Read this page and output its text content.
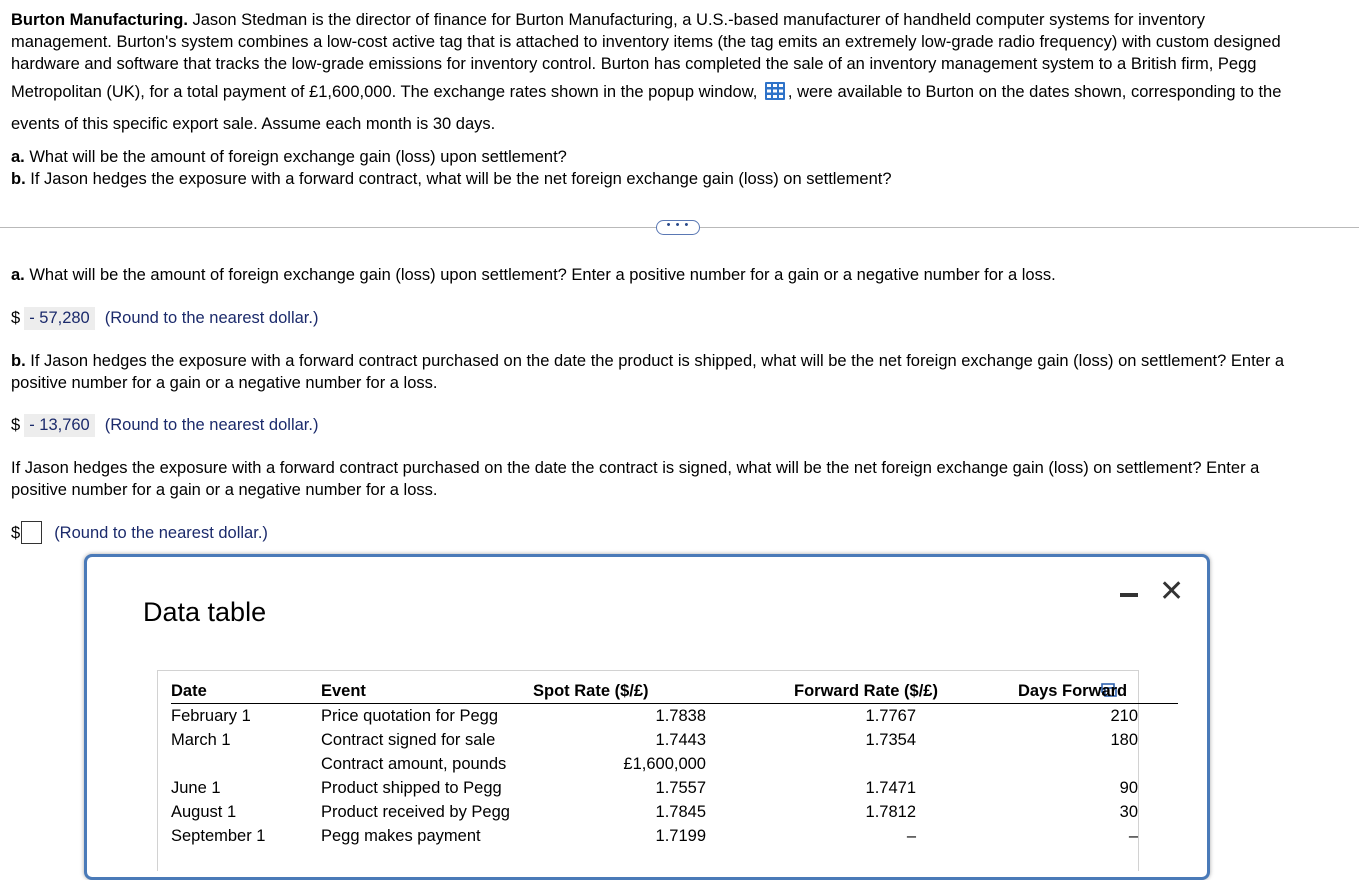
Burton Manufacturing. Jason Stedman is the director of finance for Burton Manufacturing, a U.S.-based manufacturer of handheld computer systems for inventory
management. Burton's system combines a low-cost active tag that is attached to inventory items (the tag emits an extremely low-grade radio frequency) with custom designed
hardware and software that tracks the low-grade emissions for inventory control. Burton has completed the sale of an inventory management system to a British firm, Pegg
Metropolitan (UK), for a total payment of £1,600,000. The exchange rates shown in the popup window, , were available to Burton on the dates shown, corresponding to the
events of this specific export sale. Assume each month is 30 days.
a. What will be the amount of foreign exchange gain (loss) upon settlement?
b. If Jason hedges the exposure with a forward contract, what will be the net foreign exchange gain (loss) on settlement?
• • •
a. What will be the amount of foreign exchange gain (loss) upon settlement? Enter a positive number for a gain or a negative number for a loss.
$ - 57,280 (Round to the nearest dollar.)
b. If Jason hedges the exposure with a forward contract purchased on the date the product is shipped, what will be the net foreign exchange gain (loss) on settlement? Enter a
positive number for a gain or a negative number for a loss.
$ - 13,760 (Round to the nearest dollar.)
If Jason hedges the exposure with a forward contract purchased on the date the contract is signed, what will be the net foreign exchange gain (loss) on settlement? Enter a
positive number for a gain or a negative number for a loss.
$ (Round to the nearest dollar.)
Data table
✕
Date	Event	Spot Rate ($/£)	Forward Rate ($/£)	Days Forward
February 1	Price quotation for Pegg	1.7838	1.7767	210
March 1	Contract signed for sale	1.7443	1.7354	180
	Contract amount, pounds	£1,600,000		
June 1	Product shipped to Pegg	1.7557	1.7471	90
August 1	Product received by Pegg	1.7845	1.7812	30
September 1	Pegg makes payment	1.7199	–	–
